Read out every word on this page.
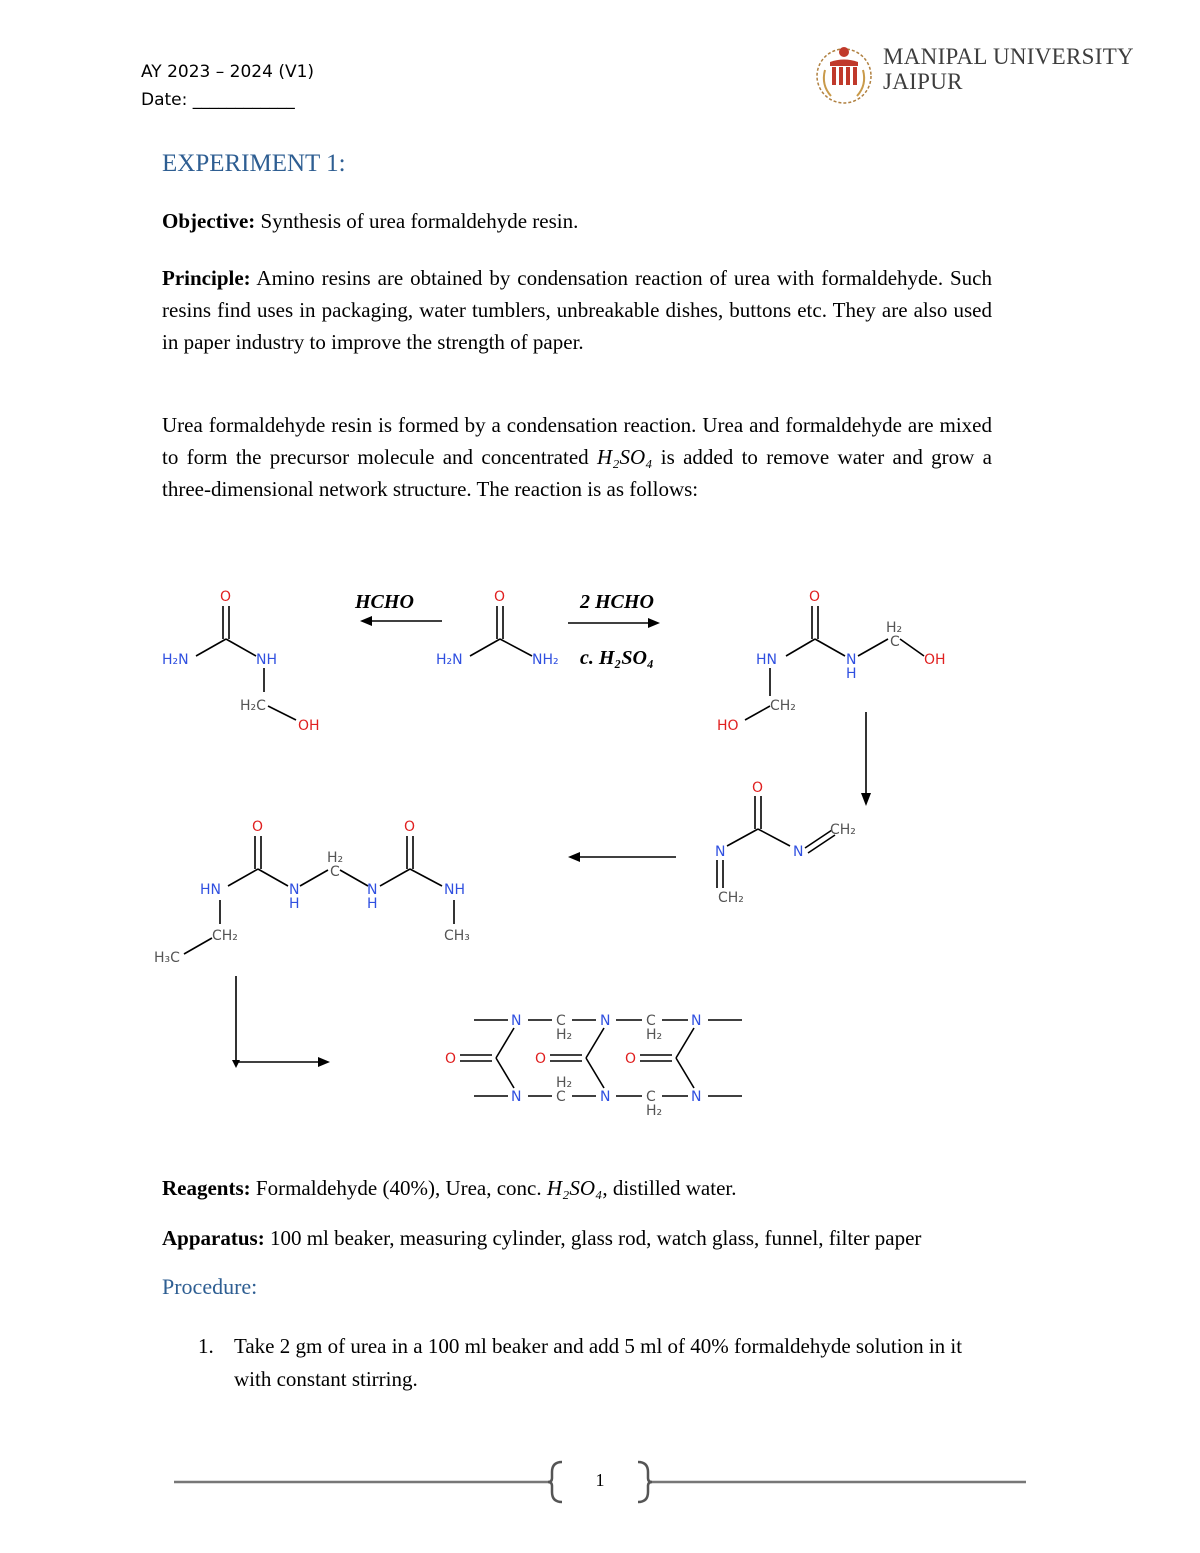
AY 2023 – 2024 (V1)
Date: ____________
MANIPAL UNIVERSITY
JAIPUR
EXPERIMENT 1:
Objective: Synthesis of urea formaldehyde resin.
Principle: Amino resins are obtained by condensation reaction of urea with formaldehyde. Such resins find uses in packaging, water tumblers, unbreakable dishes, buttons etc. They are also used in paper industry to improve the strength of paper.
Urea formaldehyde resin is formed by a condensation reaction. Urea and formaldehyde are mixed to form the precursor molecule and concentrated H₂SO₄ is added to remove water and grow a three-dimensional network structure. The reaction is as follows:
HCHO	2 HCHO
c. H₂SO₄
O
H₂N	NH
H₂C
OH
O
H₂N	NH₂
O
HN	N
H
H₂
C
OH
CH₂
HO
O
N	N
CH₂
CH₂
O	O
HN	N
H
H₂
C
N
H
NH
CH₃
CH₂
H₃C
N C
H₂
N	C
H₂
N
O	O	O
N
H₂
C N	C
H₂
N
Reagents: Formaldehyde (40%), Urea, conc. H₂SO₄, distilled water.
Apparatus: 100 ml beaker, measuring cylinder, glass rod, watch glass, funnel, filter paper
Procedure:
1. Take 2 gm of urea in a 100 ml beaker and add 5 ml of 40% formaldehyde solution in it with constant stirring.
1
